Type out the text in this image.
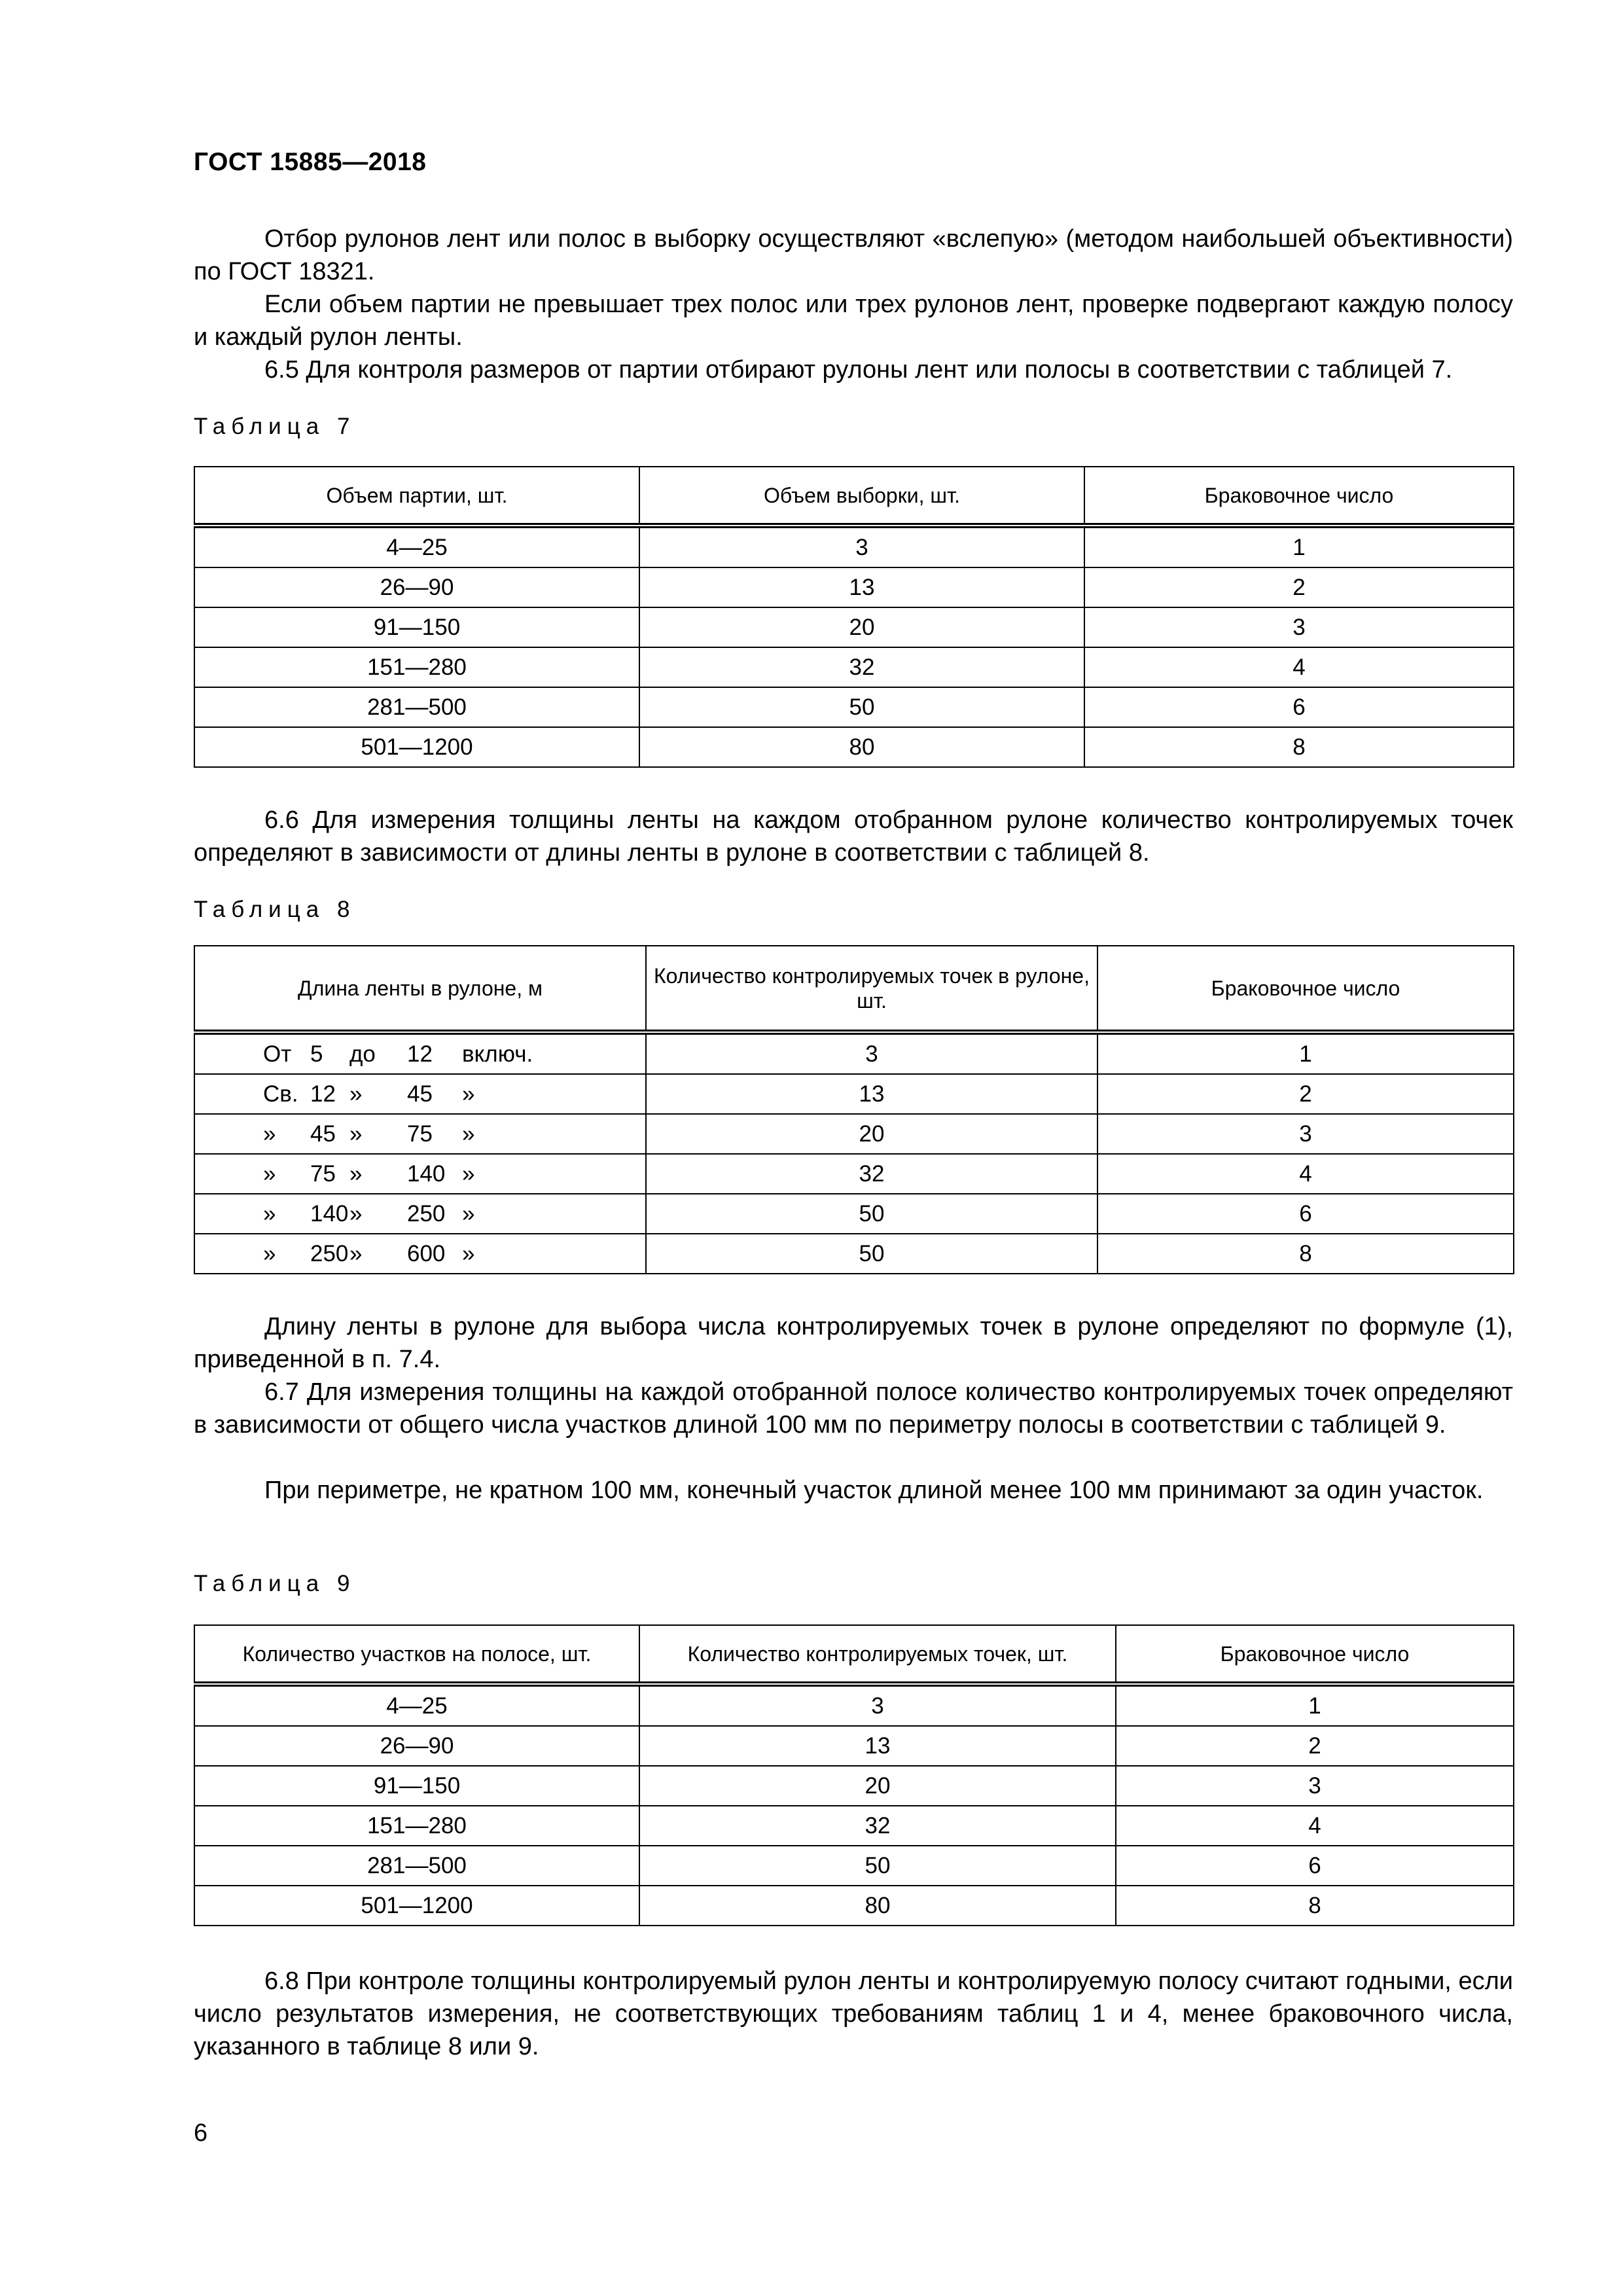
ГОСТ 15885—2018

Отбор рулонов лент или полос в выборку осуществляют «вслепую» (методом наибольшей объективности) по ГОСТ 18321.

Если объем партии не превышает трех полос или трех рулонов лент, проверке подвергают каждую полосу и каждый рулон ленты.

6.5 Для контроля размеров от партии отбирают рулоны лент или полосы в соответствии с таблицей 7.

Таблица 7

Объем партии, шт.	Объем выборки, шт.	Браковочное число
4—25	3	1
26—90	13	2
91—150	20	3
151—280	32	4
281—500	50	6
501—1200	80	8

6.6 Для измерения толщины ленты на каждом отобранном рулоне количество контролируемых точек определяют в зависимости от длины ленты в рулоне в соответствии с таблицей 8.

Таблица 8

Длина ленты в рулоне, м	Количество контролируемых точек в рулоне, шт.	Браковочное число

От 5 до 12 включ.	3	1

Св. 12 » 45 »	13	2

» 45 » 75 »	20	3

» 75 » 140 »	32	4

» 140 » 250 »	50	6

» 250 » 600 »	50	8

Длину ленты в рулоне для выбора числа контролируемых точек в рулоне определяют по формуле (1), приведенной в п. 7.4.

6.7 Для измерения толщины на каждой отобранной полосе количество контролируемых точек определяют в зависимости от общего числа участков длиной 100 мм по периметру полосы в соответствии с таблицей 9.

При периметре, не кратном 100 мм, конечный участок длиной менее 100 мм принимают за один участок.

Таблица 9

Количество участков на полосе, шт.	Количество контролируемых точек, шт.	Браковочное число
4—25	3	1
26—90	13	2
91—150	20	3
151—280	32	4
281—500	50	6
501—1200	80	8

6.8 При контроле толщины контролируемый рулон ленты и контролируемую полосу считают годными, если число результатов измерения, не соответствующих требованиям таблиц 1 и 4, менее браковочного числа, указанного в таблице 8 или 9.

6
